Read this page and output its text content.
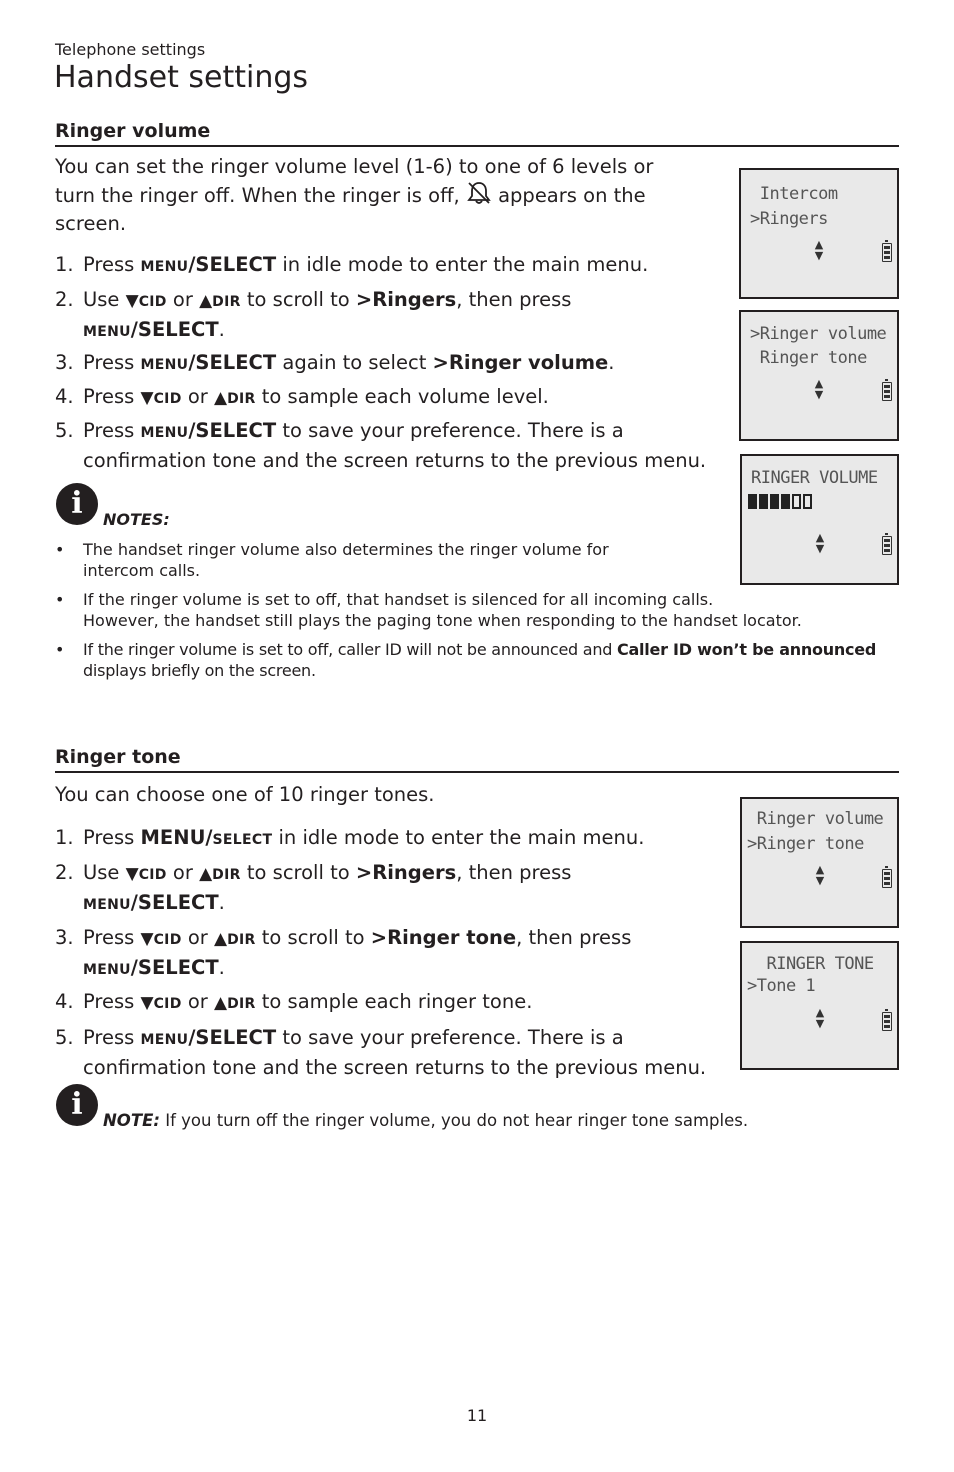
Telephone settings
Handset settings
Ringer volume
You can set the ringer volume level (1-6) to one of 6 levels or
turn the ringer off. When the ringer is off, appears on the
screen.
1. Press MENU/SELECT in idle mode to enter the main menu.
2. Use ▼CID or ▲DIR to scroll to >Ringers, then press
MENU/SELECT.
3. Press MENU/SELECT again to select >Ringer volume.
4. Press ▼CID or ▲DIR to sample each volume level.
5. Press MENU/SELECT to save your preference. There is a
confirmation tone and the screen returns to the previous menu.
i	NOTES:
• The handset ringer volume also determines the ringer volume for
intercom calls.
• If the ringer volume is set to off, that handset is silenced for all incoming calls.
However, the handset still plays the paging tone when responding to the handset locator.
• If the ringer volume is set to off, caller ID will not be announced and Caller ID won’t be announced
displays briefly on the screen.
Intercom
>Ringers
▲
▼
>Ringer volume
Ringer tone
▲
▼
RINGER VOLUME
▲
▼
Ringer tone
You can choose one of 10 ringer tones.
1. Press MENU/SELECT in idle mode to enter the main menu.
2. Use ▼CID or ▲DIR to scroll to >Ringers, then press
MENU/SELECT.
3. Press ▼CID or ▲DIR to scroll to >Ringer tone, then press
MENU/SELECT.
4. Press ▼CID or ▲DIR to sample each ringer tone.
5. Press MENU/SELECT to save your preference. There is a
confirmation tone and the screen returns to the previous menu.
Ringer volume
>Ringer tone
▲
▼
RINGER TONE
>Tone 1
▲
▼
i	NOTE: If you turn off the ringer volume, you do not hear ringer tone samples.
11
